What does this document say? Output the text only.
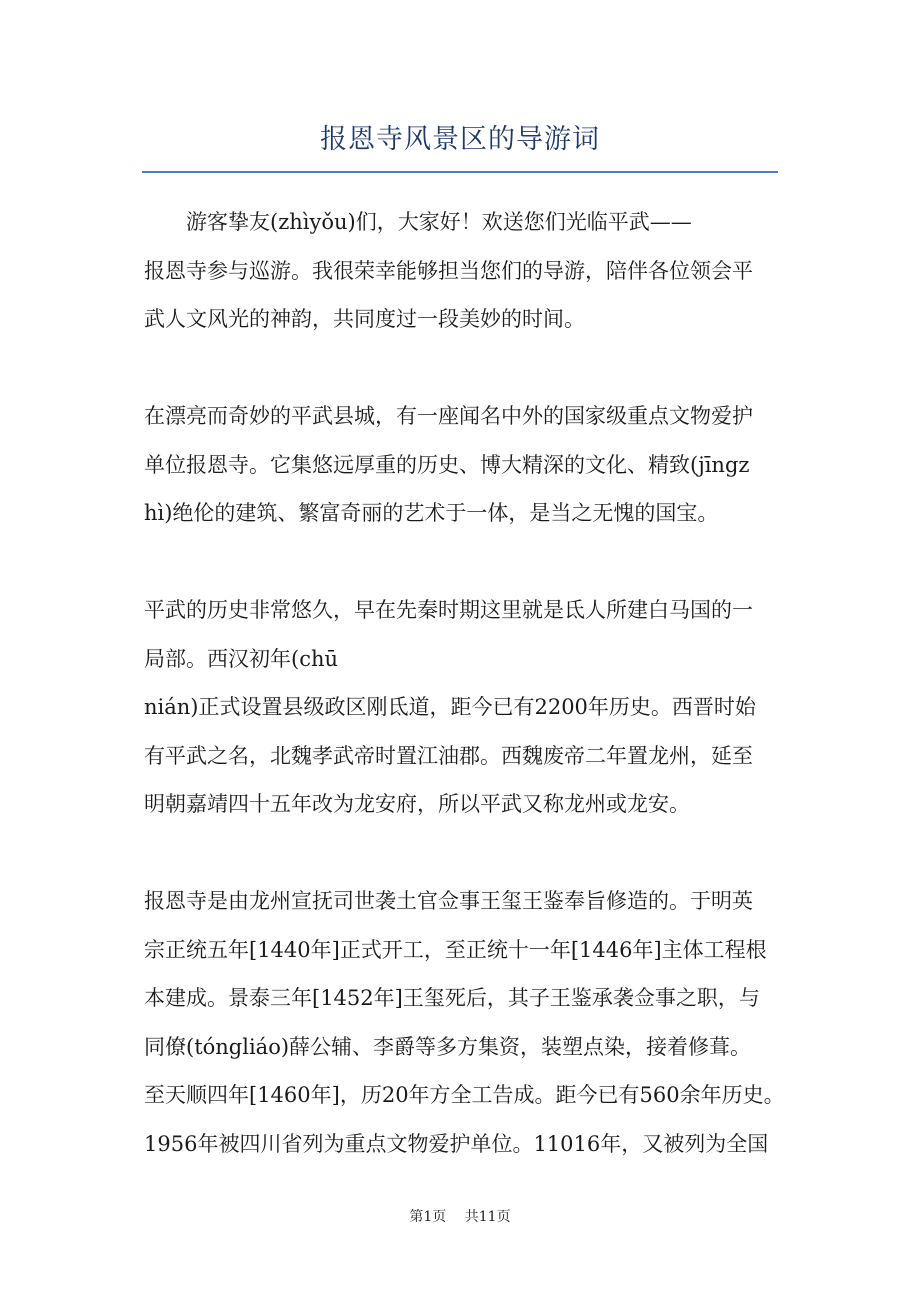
报恩寺风景区的导游词
游客挚友(zhìyǒu)们，大家好！欢送您们光临平武——
报恩寺参与巡游。我很荣幸能够担当您们的导游，陪伴各位领会平
武人文风光的神韵，共同度过一段美妙的时间。
在漂亮而奇妙的平武县城，有一座闻名中外的国家级重点文物爱护
单位报恩寺。它集悠远厚重的历史、博大精深的文化、精致(jīngz
hì)绝伦的建筑、繁富奇丽的艺术于一体，是当之无愧的国宝。
平武的历史非常悠久，早在先秦时期这里就是氐人所建白马国的一
局部。西汉初年(chū
nián)正式设置县级政区刚氐道，距今已有2200年历史。西晋时始
有平武之名，北魏孝武帝时置江油郡。西魏废帝二年置龙州，延至
明朝嘉靖四十五年改为龙安府，所以平武又称龙州或龙安。
报恩寺是由龙州宣抚司世袭土官佥事王玺王鉴奉旨修造的。于明英
宗正统五年[1440年]正式开工，至正统十一年[1446年]主体工程根
本建成。景泰三年[1452年]王玺死后，其子王鉴承袭佥事之职，与
同僚(tóngliáo)薛公辅、李爵等多方集资，装塑点染，接着修葺。
至天顺四年[1460年]，历20年方全工告成。距今已有560余年历史。
1956年被四川省列为重点文物爱护单位。11016年，又被列为全国
第1页 共11页
